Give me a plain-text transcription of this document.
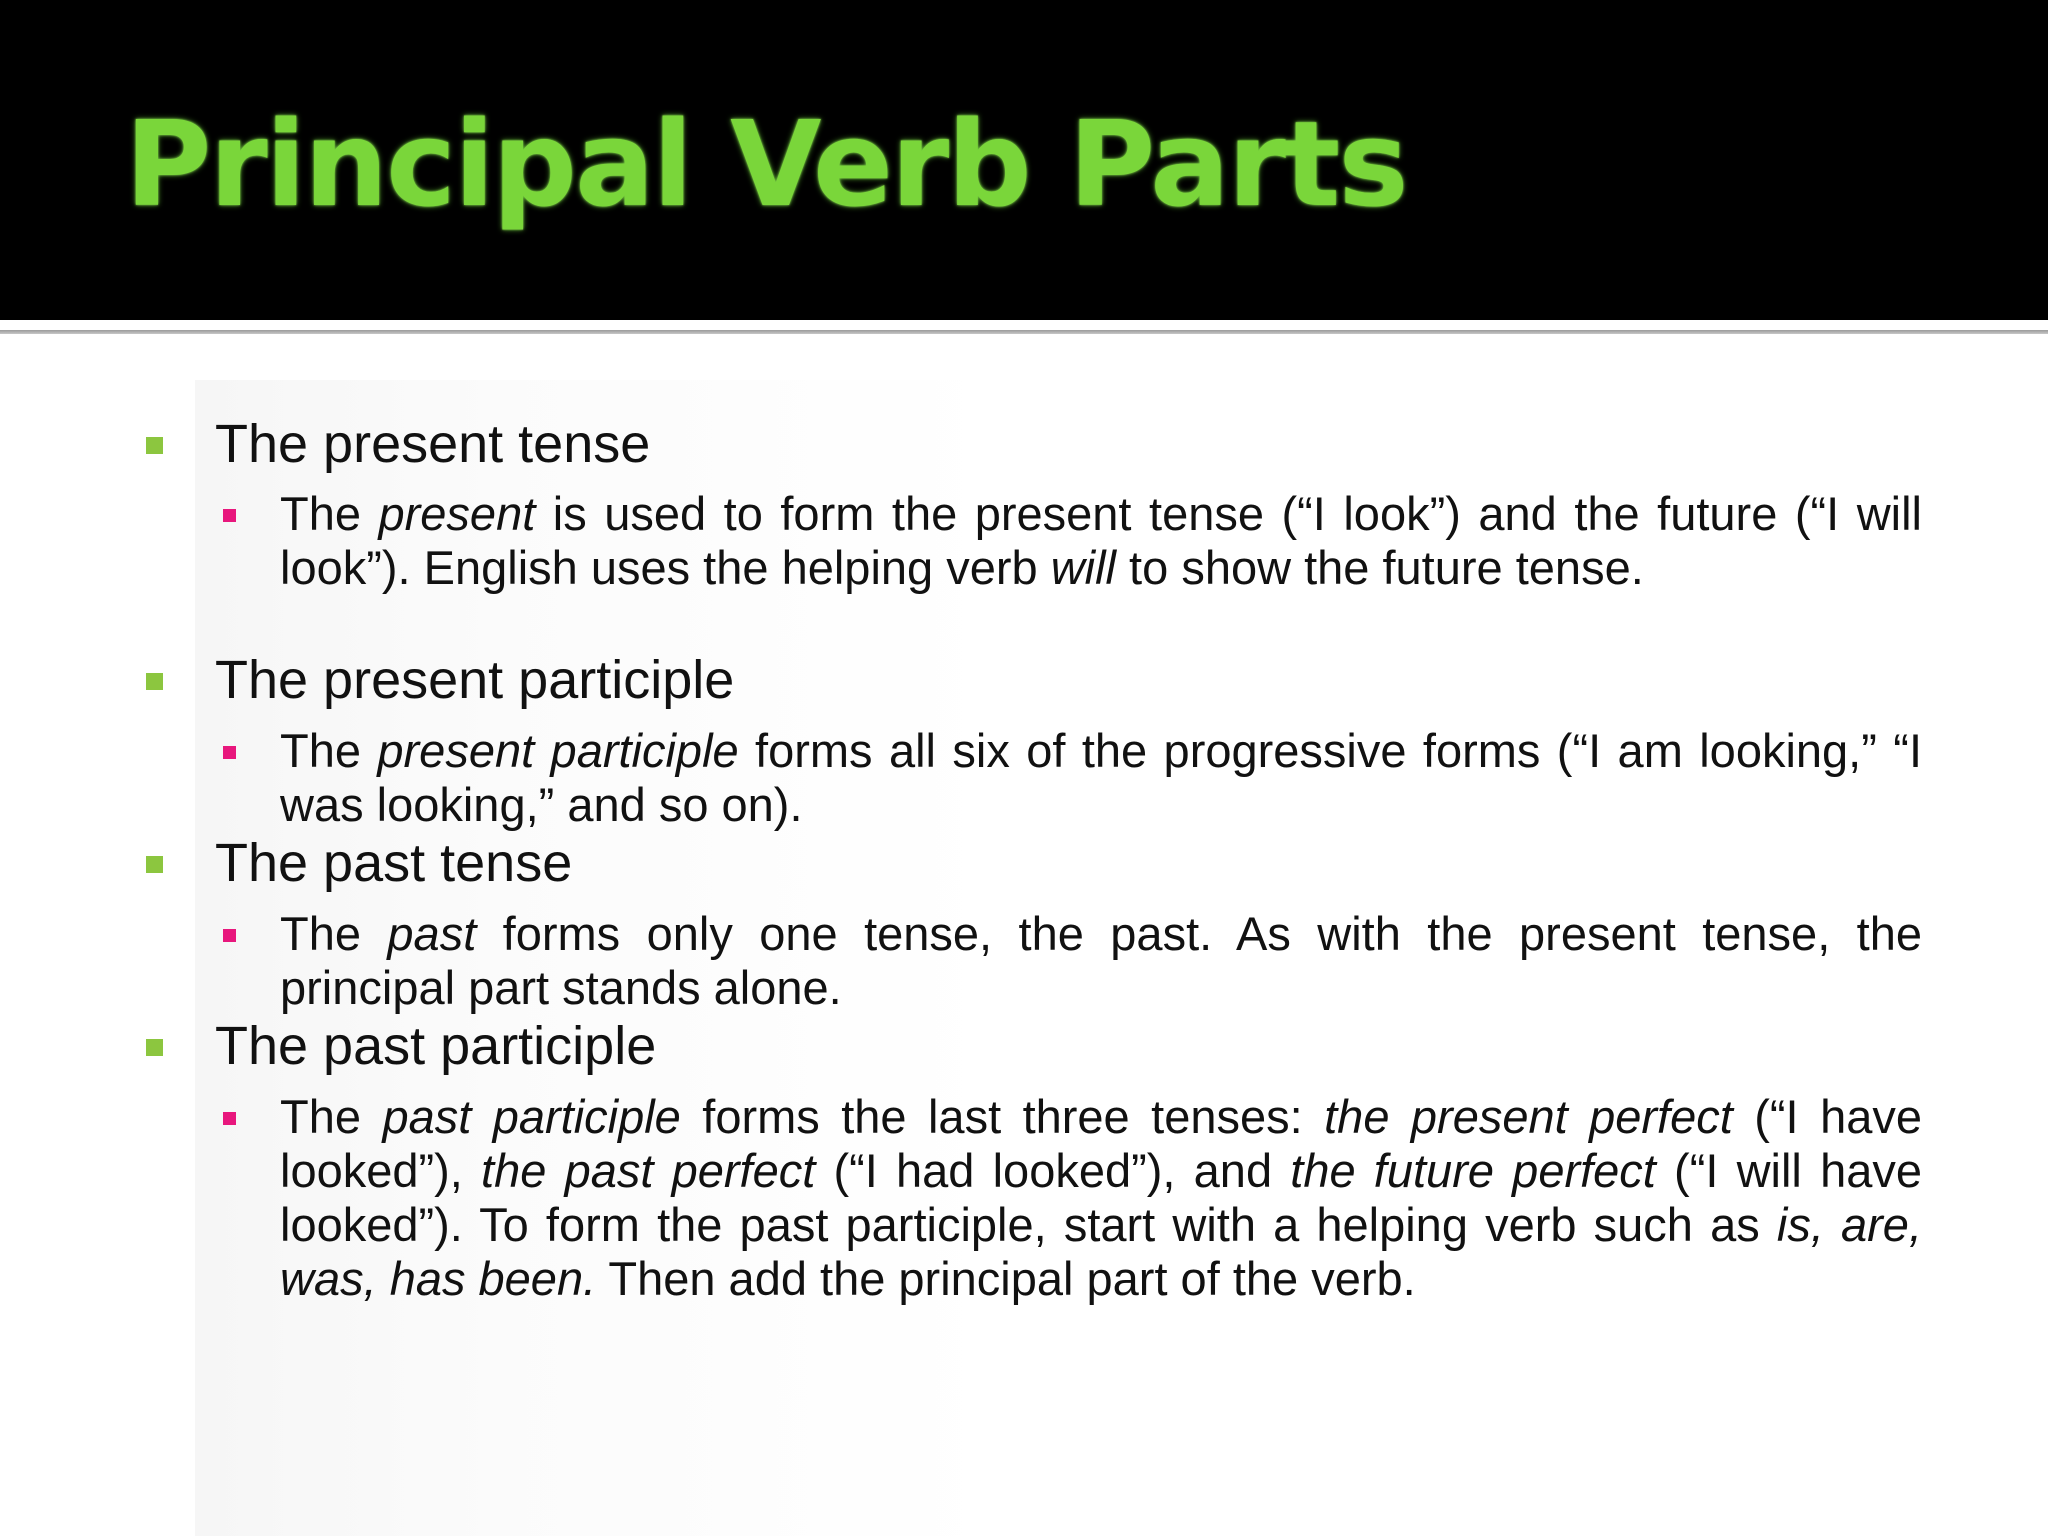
Principal Verb Parts

The present tense

The present is used to form the present tense (“I look”) and the future (“I will look”). English uses the helping verb will to show the future tense.

The present participle

The present participle forms all six of the progressive forms (“I am looking,” “I was looking,” and so on).

The past tense

The past forms only one tense, the past. As with the present tense, the principal part stands alone.

The past participle

The past participle forms the last three tenses: the present perfect (“I have looked”), the past perfect (“I had looked”), and the future perfect (“I will have looked”). To form the past participle, start with a helping verb such as is, are, was, has been. Then add the principal part of the verb.
